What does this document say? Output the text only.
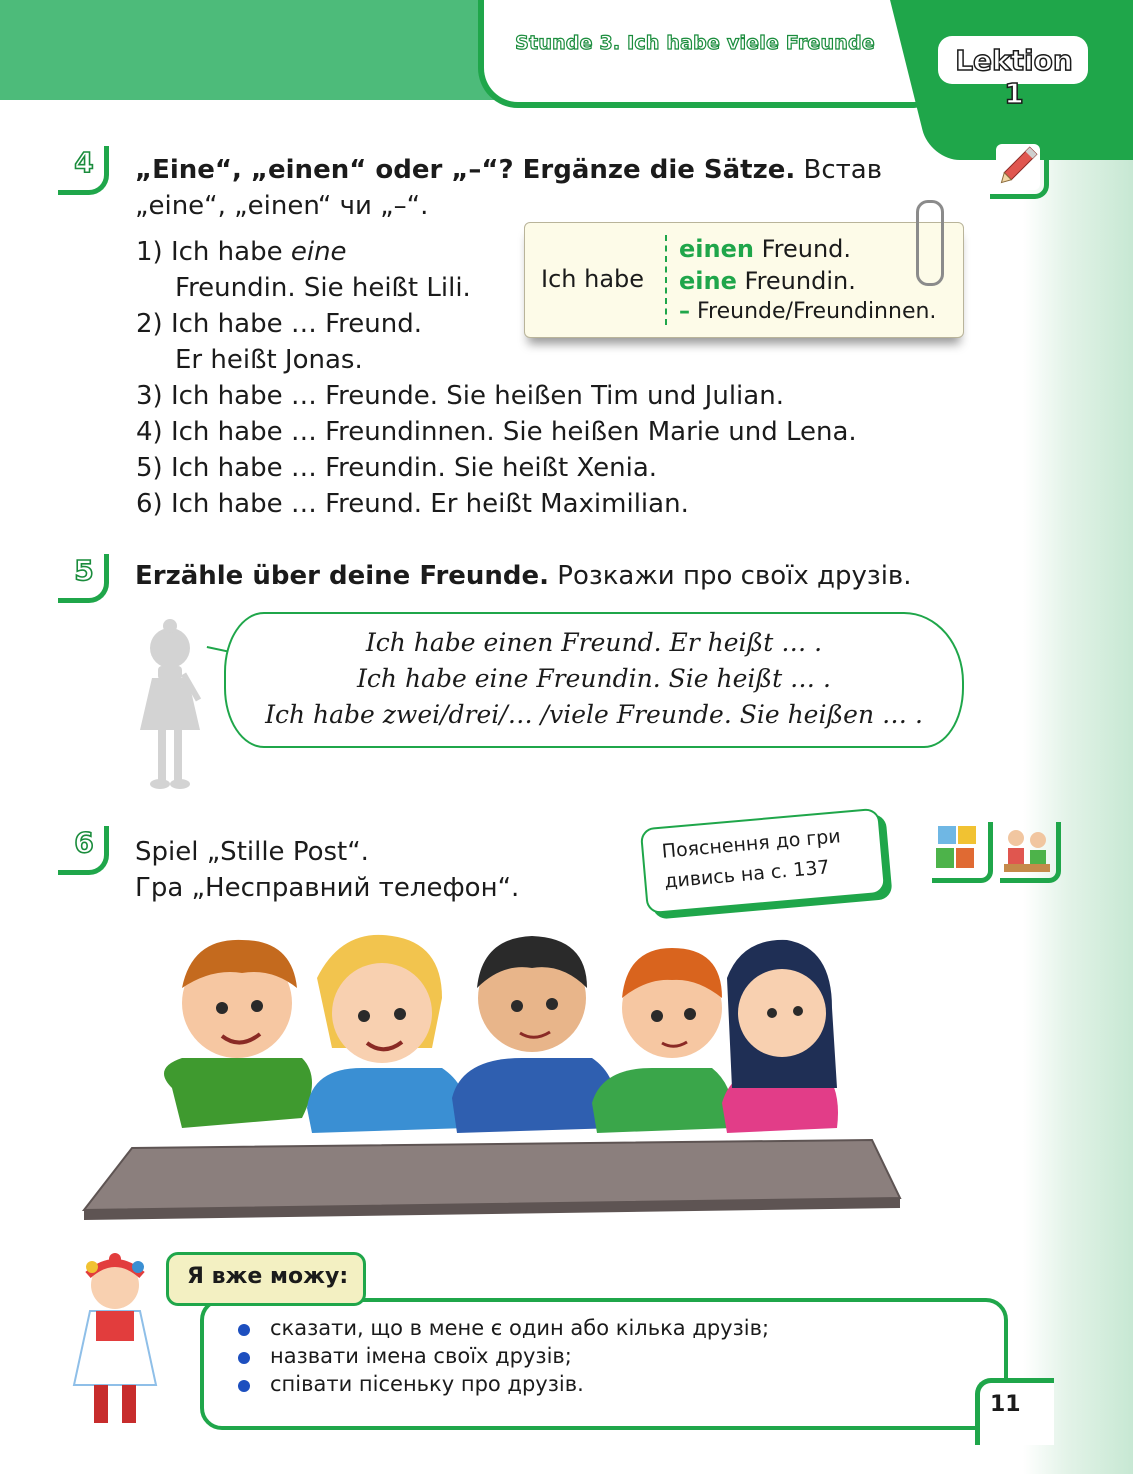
Stunde 3. Ich habe viele Freunde
Lektion 1
4	„Eine“, „einen“ oder „–“? Ergänze die Sätze. Встав
„eine“, „einen“ чи „–“.
1) Ich habe eine
Freundin. Sie heißt Lili.
2) Ich habe … Freund.
Er heißt Jonas.
3) Ich habe … Freunde. Sie heißen Tim und Julian.
4) Ich habe … Freundinnen. Sie heißen Marie und Lena.
5) Ich habe … Freundin. Sie heißt Xenia.
6) Ich habe … Freund. Er heißt Maximilian.
Ich habe
einen Freund.
eine Freundin.
– Freunde/Freundinnen.
5	Erzähle über deine Freunde. Розкажи про своїх друзів.
Ich habe einen Freund. Er heißt … .
Ich habe eine Freundin. Sie heißt … .
Ich habe zwei/drei/… /viele Freunde. Sie heißen … .
6	Spiel „Stille Post“.
Гра „Несправний телефон“.
Пояснення до гри
дивись на с. 137
Я вже можу:
сказати, що в мене є один або кілька друзів;
назвати імена своїх друзів;
співати пісеньку про друзів.
11
